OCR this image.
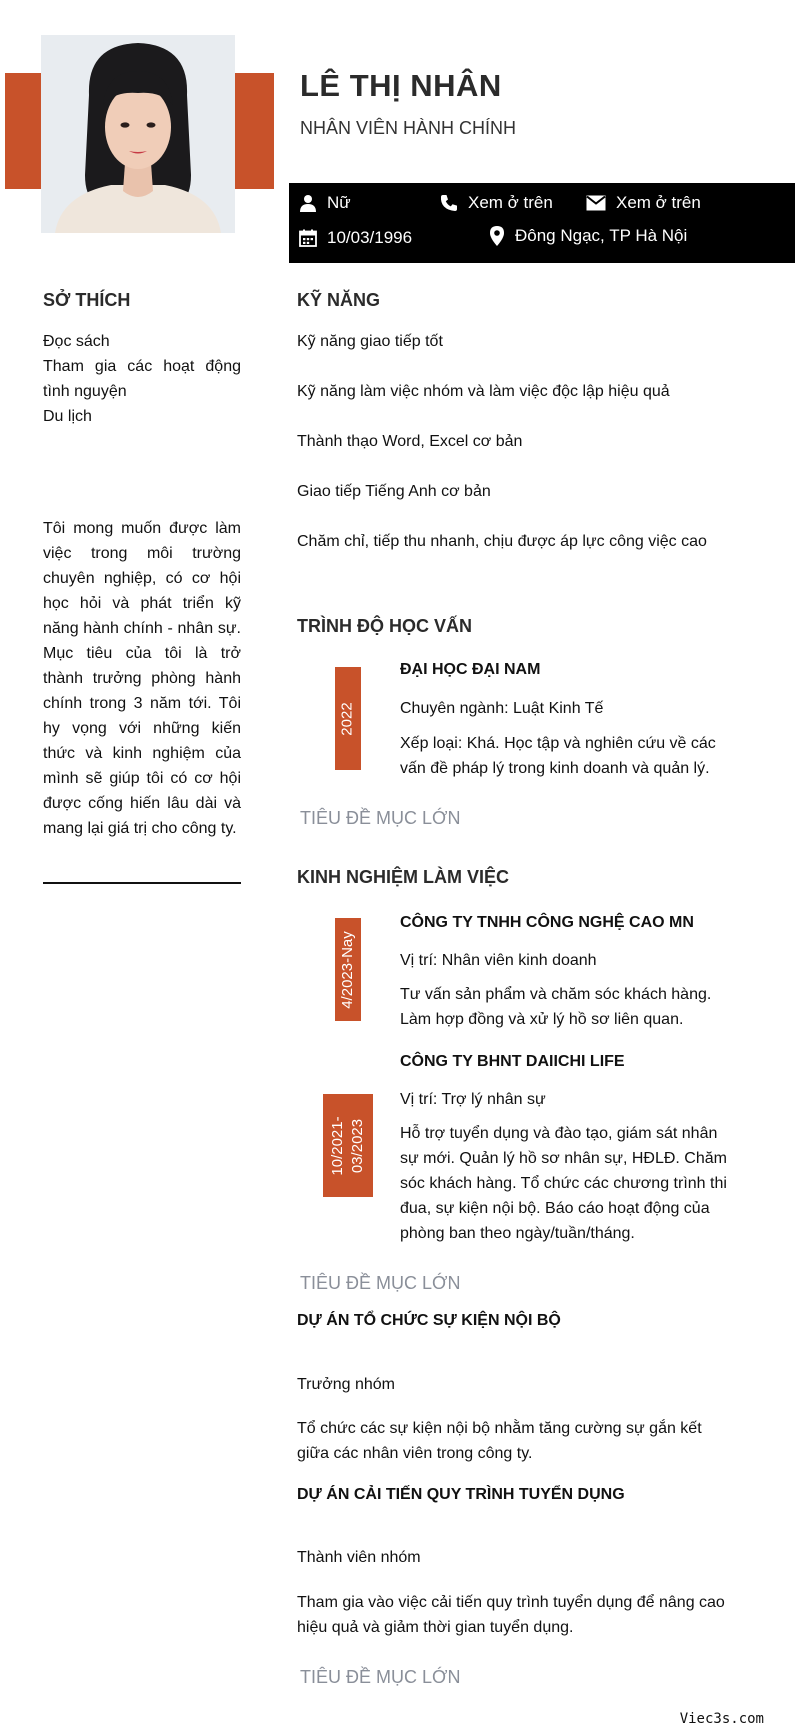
LÊ THỊ NHÂN
NHÂN VIÊN HÀNH CHÍNH
Nữ	Xem ở trên	Xem ở trên
10/03/1996	Đông Ngạc, TP Hà Nội
SỞ THÍCH
Đọc sách
Tham gia các hoạt động tình nguyện
Du lịch
Tôi mong muốn được làm việc trong môi trường chuyên nghiệp, có cơ hội học hỏi và phát triển kỹ năng hành chính - nhân sự. Mục tiêu của tôi là trở thành trưởng phòng hành chính trong 3 năm tới. Tôi hy vọng với những kiến thức và kinh nghiệm của mình sẽ giúp tôi có cơ hội được cống hiến lâu dài và mang lại giá trị cho công ty.
KỸ NĂNG
Kỹ năng giao tiếp tốt
Kỹ năng làm việc nhóm và làm việc độc lập hiệu quả
Thành thạo Word, Excel cơ bản
Giao tiếp Tiếng Anh cơ bản
Chăm chỉ, tiếp thu nhanh, chịu được áp lực công việc cao
TRÌNH ĐỘ HỌC VẤN
2022
ĐẠI HỌC ĐẠI NAM
Chuyên ngành: Luật Kinh Tế
Xếp loại: Khá. Học tập và nghiên cứu về các vấn đề pháp lý trong kinh doanh và quản lý.
TIÊU ĐỀ MỤC LỚN
KINH NGHIỆM LÀM VIỆC
4/2023-Nay
CÔNG TY TNHH CÔNG NGHỆ CAO MN
Vị trí: Nhân viên kinh doanh
Tư vấn sản phẩm và chăm sóc khách hàng. Làm hợp đồng và xử lý hồ sơ liên quan.
10/2021- 03/2023
CÔNG TY BHNT DAIICHI LIFE
Vị trí: Trợ lý nhân sự
Hỗ trợ tuyển dụng và đào tạo, giám sát nhân sự mới. Quản lý hồ sơ nhân sự, HĐLĐ. Chăm sóc khách hàng. Tổ chức các chương trình thi đua, sự kiện nội bộ. Báo cáo hoạt động của phòng ban theo ngày/tuần/tháng.
TIÊU ĐỀ MỤC LỚN
DỰ ÁN TỔ CHỨC SỰ KIỆN NỘI BỘ
Trưởng nhóm
Tổ chức các sự kiện nội bộ nhằm tăng cường sự gắn kết giữa các nhân viên trong công ty.
DỰ ÁN CẢI TIẾN QUY TRÌNH TUYỂN DỤNG
Thành viên nhóm
Tham gia vào việc cải tiến quy trình tuyển dụng để nâng cao hiệu quả và giảm thời gian tuyển dụng.
TIÊU ĐỀ MỤC LỚN
Viec3s.com
